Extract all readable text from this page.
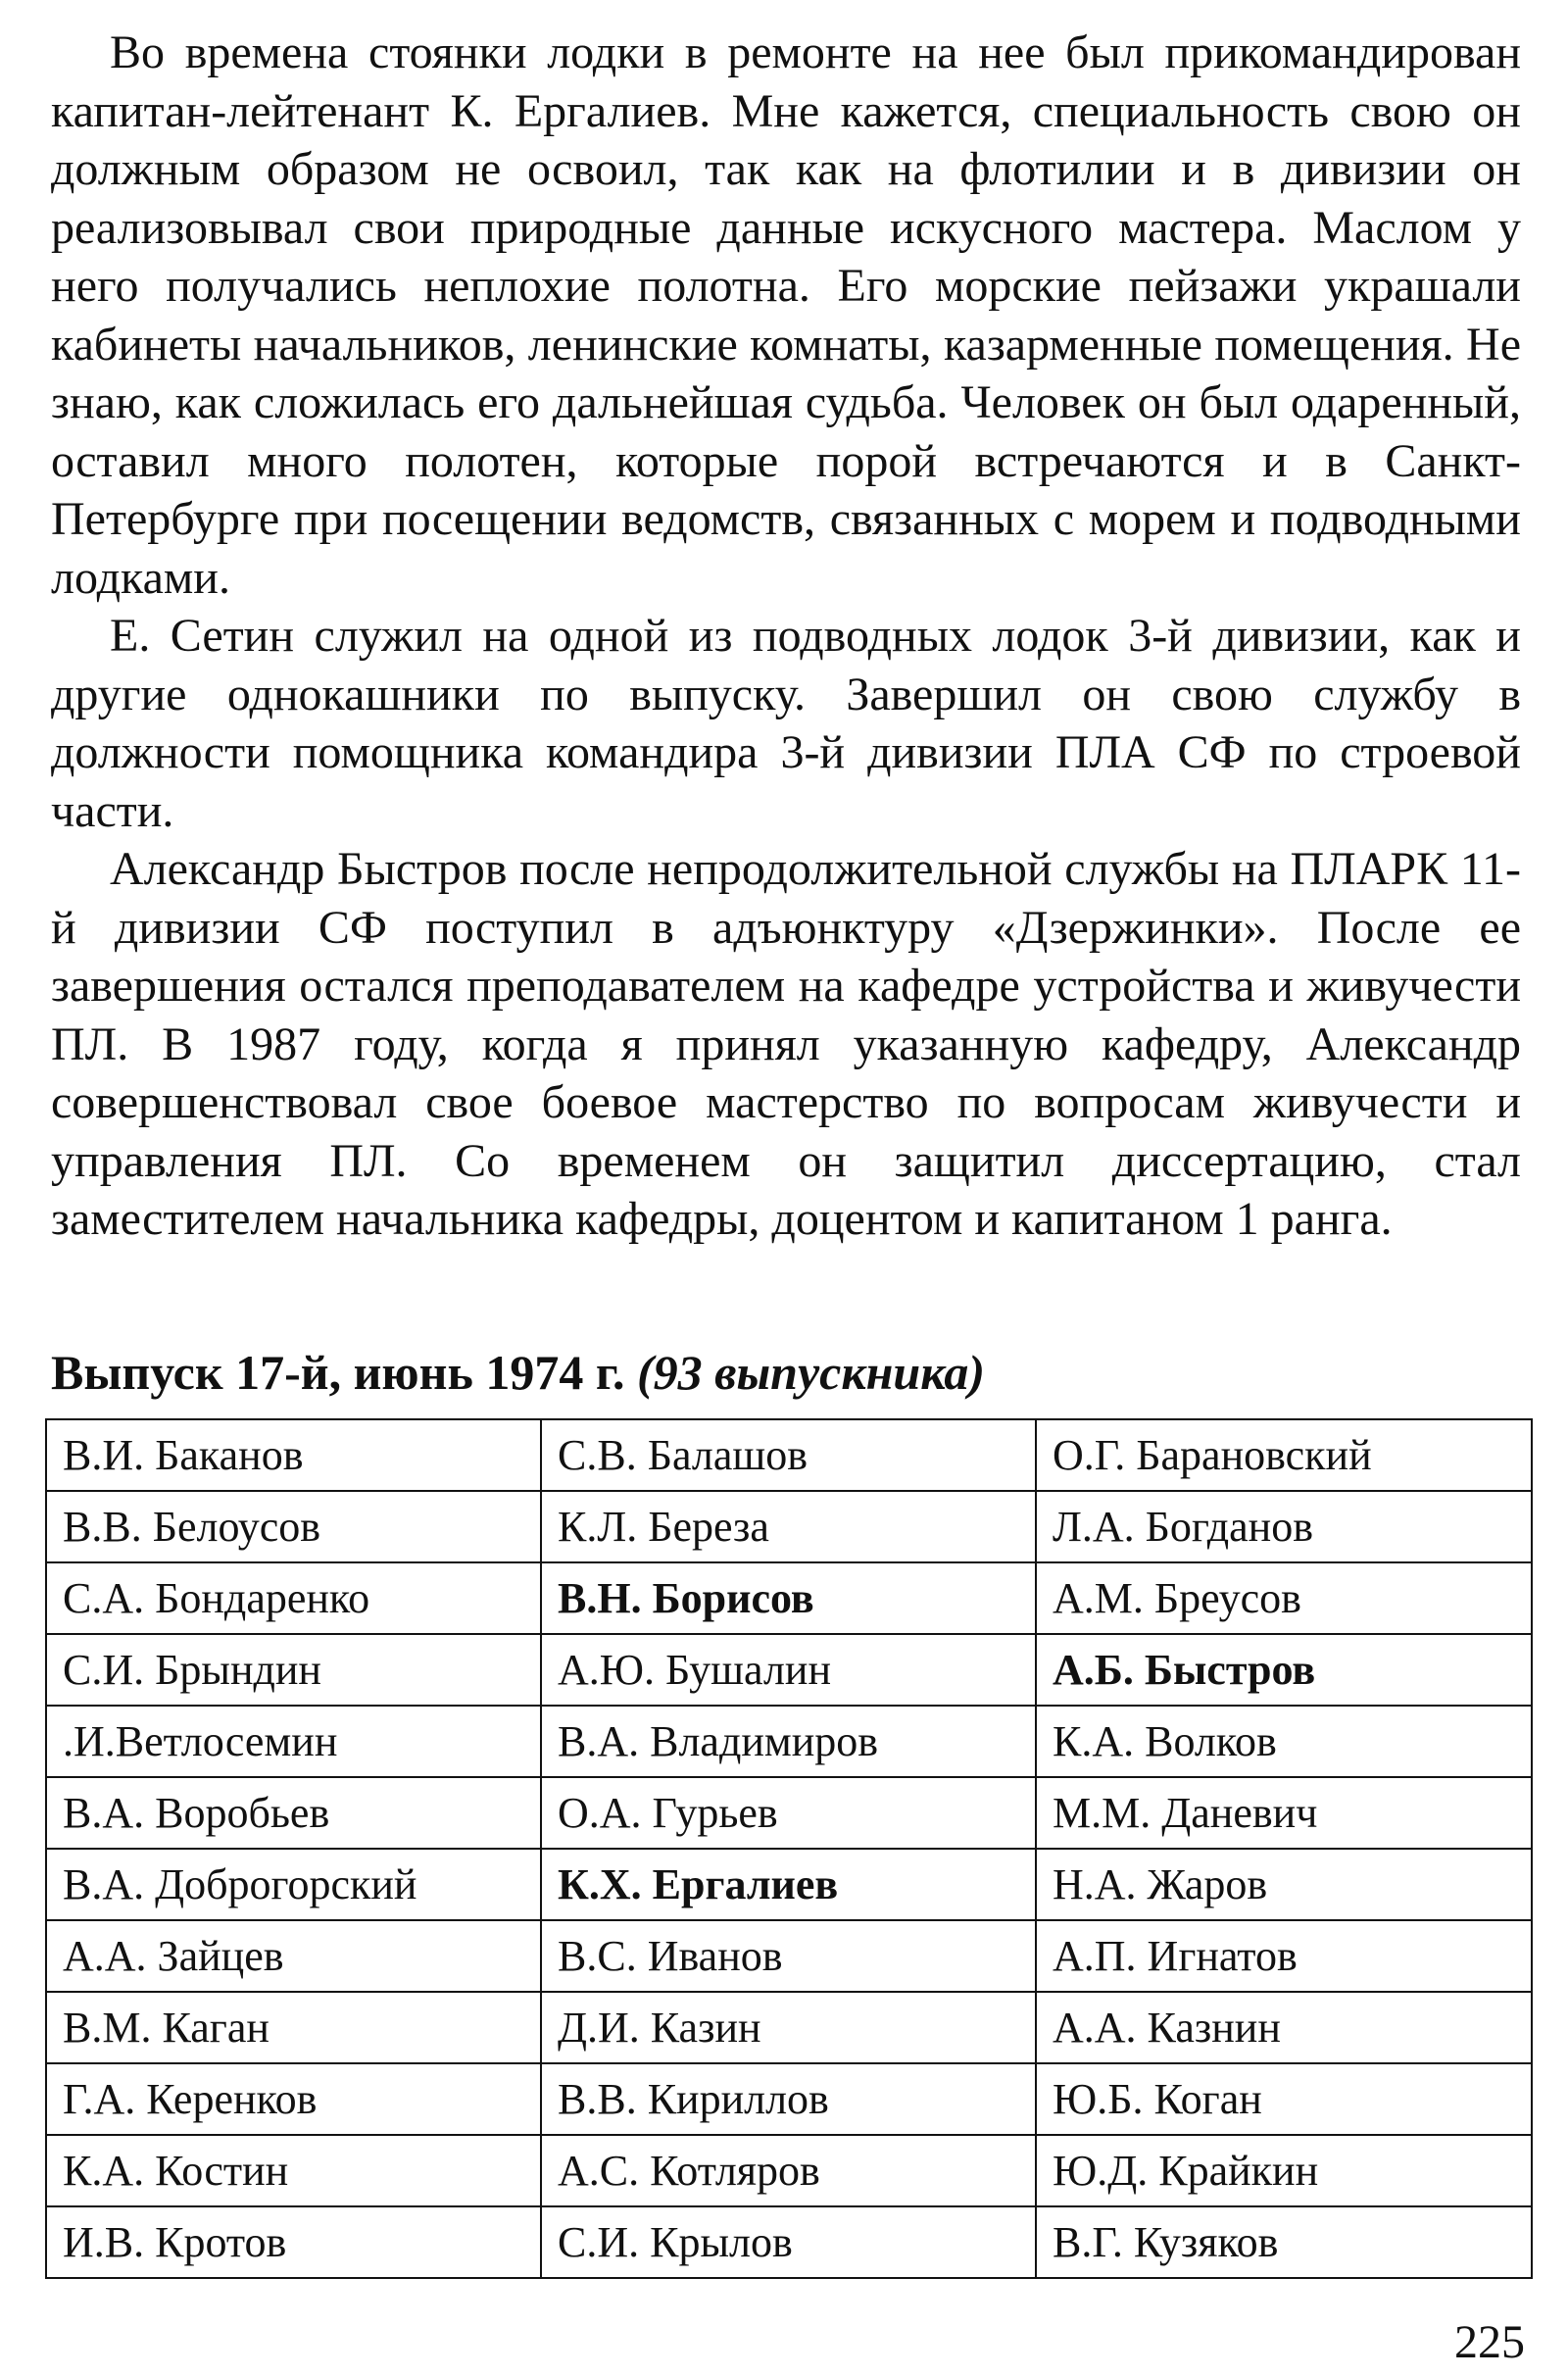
Во времена стоянки лодки в ремонте на нее был прикомандирован капитан-лейтенант К. Ергалиев. Мне кажется, специальность свою он должным образом не освоил, так как на флотилии и в дивизии он реализовывал свои природные данные искусного мастера. Маслом у него получались неплохие полотна. Его морские пейзажи украшали кабинеты начальников, ленинские комнаты, казарменные помещения. Не знаю, как сложилась его дальнейшая судьба. Человек он был одаренный, оставил много полотен, которые порой встречаются и в Санкт-Петербурге при посещении ведомств, связанных с морем и подводными лодками.

Е. Сетин служил на одной из подводных лодок 3-й дивизии, как и другие однокашники по выпуску. Завершил он свою службу в должности помощника командира 3-й дивизии ПЛА СФ по строевой части.

Александр Быстров после непродолжительной службы на ПЛАРК 11-й дивизии СФ поступил в адъюнктуру «Дзержинки». После ее завершения остался преподавателем на кафедре устройства и живучести ПЛ. В 1987 году, когда я принял указанную кафедру, Александр совершенствовал свое боевое мастерство по вопросам живучести и управления ПЛ. Со временем он защитил диссертацию, стал заместителем начальника кафедры, доцентом и капитаном 1 ранга.

Выпуск 17-й, июнь 1974 г. (93 выпускника)
В.И. Баканов	С.В. Балашов	О.Г. Барановский
В.В. Белоусов	К.Л. Береза	Л.А. Богданов
С.А. Бондаренко	В.Н. Борисов	А.М. Бреусов
С.И. Брындин	А.Ю. Бушалин	А.Б. Быстров
.И.Ветлосемин	В.А. Владимиров	К.А. Волков
В.А. Воробьев	О.А. Гурьев	М.М. Даневич
В.А. Доброгорский	К.Х. Ергалиев	Н.А. Жаров
А.А. Зайцев	В.С. Иванов	А.П. Игнатов
В.М. Каган	Д.И. Казин	А.А. Казнин
Г.А. Керенков	В.В. Кириллов	Ю.Б. Коган
К.А. Костин	А.С. Котляров	Ю.Д. Крайкин
И.В. Кротов	С.И. Крылов	В.Г. Кузяков
225
